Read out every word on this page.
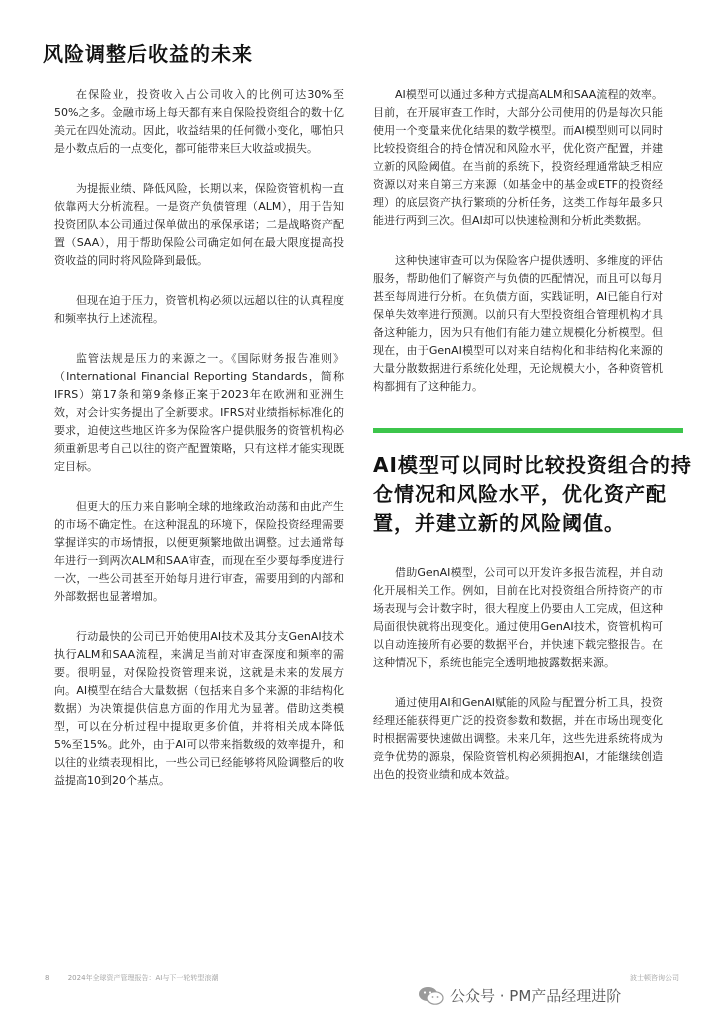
风险调整后收益的未来

在保险业，投资收入占公司收入的比例可达30%至50%之多。金融市场上每天都有来自保险投资组合的数十亿美元在四处流动。因此，收益结果的任何微小变化，哪怕只是小数点后的一点变化，都可能带来巨大收益或损失。

为提振业绩、降低风险，长期以来，保险资管机构一直依靠两大分析流程。一是资产负债管理（ALM），用于告知投资团队本公司通过保单做出的承保承诺；二是战略资产配置（SAA），用于帮助保险公司确定如何在最大限度提高投资收益的同时将风险降到最低。

但现在迫于压力，资管机构必须以远超以往的认真程度和频率执行上述流程。

监管法规是压力的来源之一。《国际财务报告准则》（International Financial Reporting Standards，简称IFRS）第17条和第9条修正案于2023年在欧洲和亚洲生效，对会计实务提出了全新要求。IFRS对业绩指标标准化的要求，迫使这些地区许多为保险客户提供服务的资管机构必须重新思考自己以往的资产配置策略，只有这样才能实现既定目标。

但更大的压力来自影响全球的地缘政治动荡和由此产生的市场不确定性。在这种混乱的环境下，保险投资经理需要掌握详实的市场情报，以便更频繁地做出调整。过去通常每年进行一到两次ALM和SAA审查，而现在至少要每季度进行一次，一些公司甚至开始每月进行审查，需要用到的内部和外部数据也显著增加。

行动最快的公司已开始使用AI技术及其分支GenAI技术执行ALM和SAA流程，来满足当前对审查深度和频率的需要。很明显，对保险投资管理来说，这就是未来的发展方向。AI模型在结合大量数据（包括来自多个来源的非结构化数据）为决策提供信息方面的作用尤为显著。借助这类模型，可以在分析过程中提取更多价值，并将相关成本降低5%至15%。此外，由于AI可以带来指数级的效率提升，和以往的业绩表现相比，一些公司已经能够将风险调整后的收益提高10到20个基点。

AI模型可以通过多种方式提高ALM和SAA流程的效率。目前，在开展审查工作时，大部分公司使用的仍是每次只能使用一个变量来优化结果的数学模型。而AI模型则可以同时比较投资组合的持仓情况和风险水平，优化资产配置，并建立新的风险阈值。在当前的系统下，投资经理通常缺乏相应资源以对来自第三方来源（如基金中的基金或ETF的投资经理）的底层资产执行繁琐的分析任务，这类工作每年最多只能进行两到三次。但AI却可以快速检测和分析此类数据。

这种快速审查可以为保险客户提供透明、多维度的评估服务，帮助他们了解资产与负债的匹配情况，而且可以每月甚至每周进行分析。在负债方面，实践证明，AI已能自行对保单失效率进行预测。以前只有大型投资组合管理机构才具备这种能力，因为只有他们有能力建立规模化分析模型。但现在，由于GenAI模型可以对来自结构化和非结构化来源的大量分散数据进行系统化处理，无论规模大小，各种资管机构都拥有了这种能力。

AI模型可以同时比较投资组合的持仓情况和风险水平，优化资产配置，并建立新的风险阈值。

借助GenAI模型，公司可以开发许多报告流程，并自动化开展相关工作。例如，目前在比对投资组合所持资产的市场表现与会计数字时，很大程度上仍要由人工完成，但这种局面很快就将出现变化。通过使用GenAI技术，资管机构可以自动连接所有必要的数据平台，并快速下载完整报告。在这种情况下，系统也能完全透明地披露数据来源。

通过使用AI和GenAI赋能的风险与配置分析工具，投资经理还能获得更广泛的投资参数和数据，并在市场出现变化时根据需要快速做出调整。未来几年，这些先进系统将成为竞争优势的源泉，保险资管机构必须拥抱AI，才能继续创造出色的投资业绩和成本效益。

8	2024年全球资产管理报告：AI与下一轮转型浪潮	波士顿咨询公司
公众号 · PM产品经理进阶
